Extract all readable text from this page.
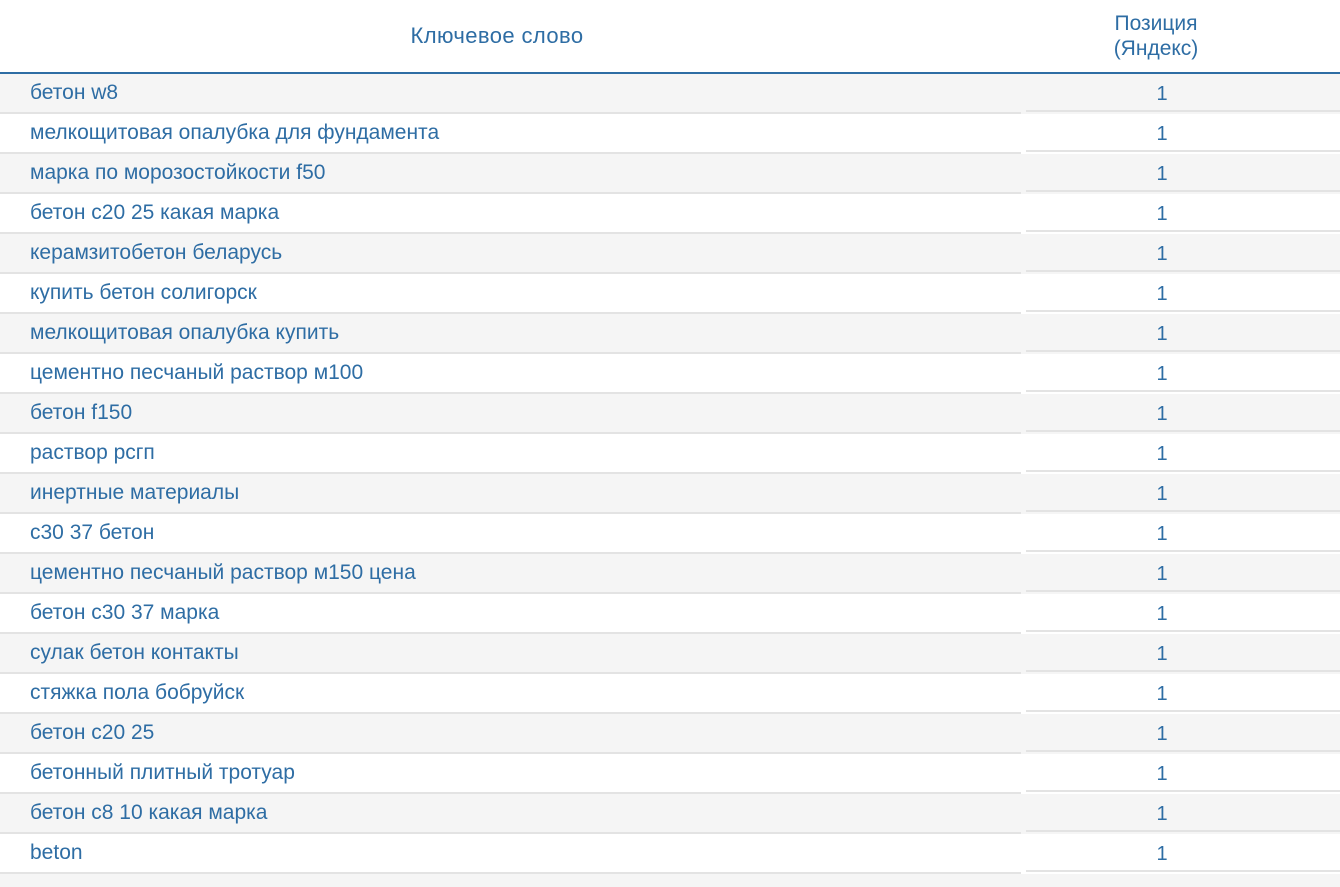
Ключевое слово	Позиция
(Яндекс)
бетон w8	1
мелкощитовая опалубка для фундамента	1
марка по морозостойкости f50	1
бетон с20 25 какая марка	1
керамзитобетон беларусь	1
купить бетон солигорск	1
мелкощитовая опалубка купить	1
цементно песчаный раствор м100	1
бетон f150	1
раствор рсгп	1
инертные материалы	1
с30 37 бетон	1
цементно песчаный раствор м150 цена	1
бетон с30 37 марка	1
сулак бетон контакты	1
стяжка пола бобруйск	1
бетон с20 25	1
бетонный плитный тротуар	1
бетон с8 10 какая марка	1
beton	1
